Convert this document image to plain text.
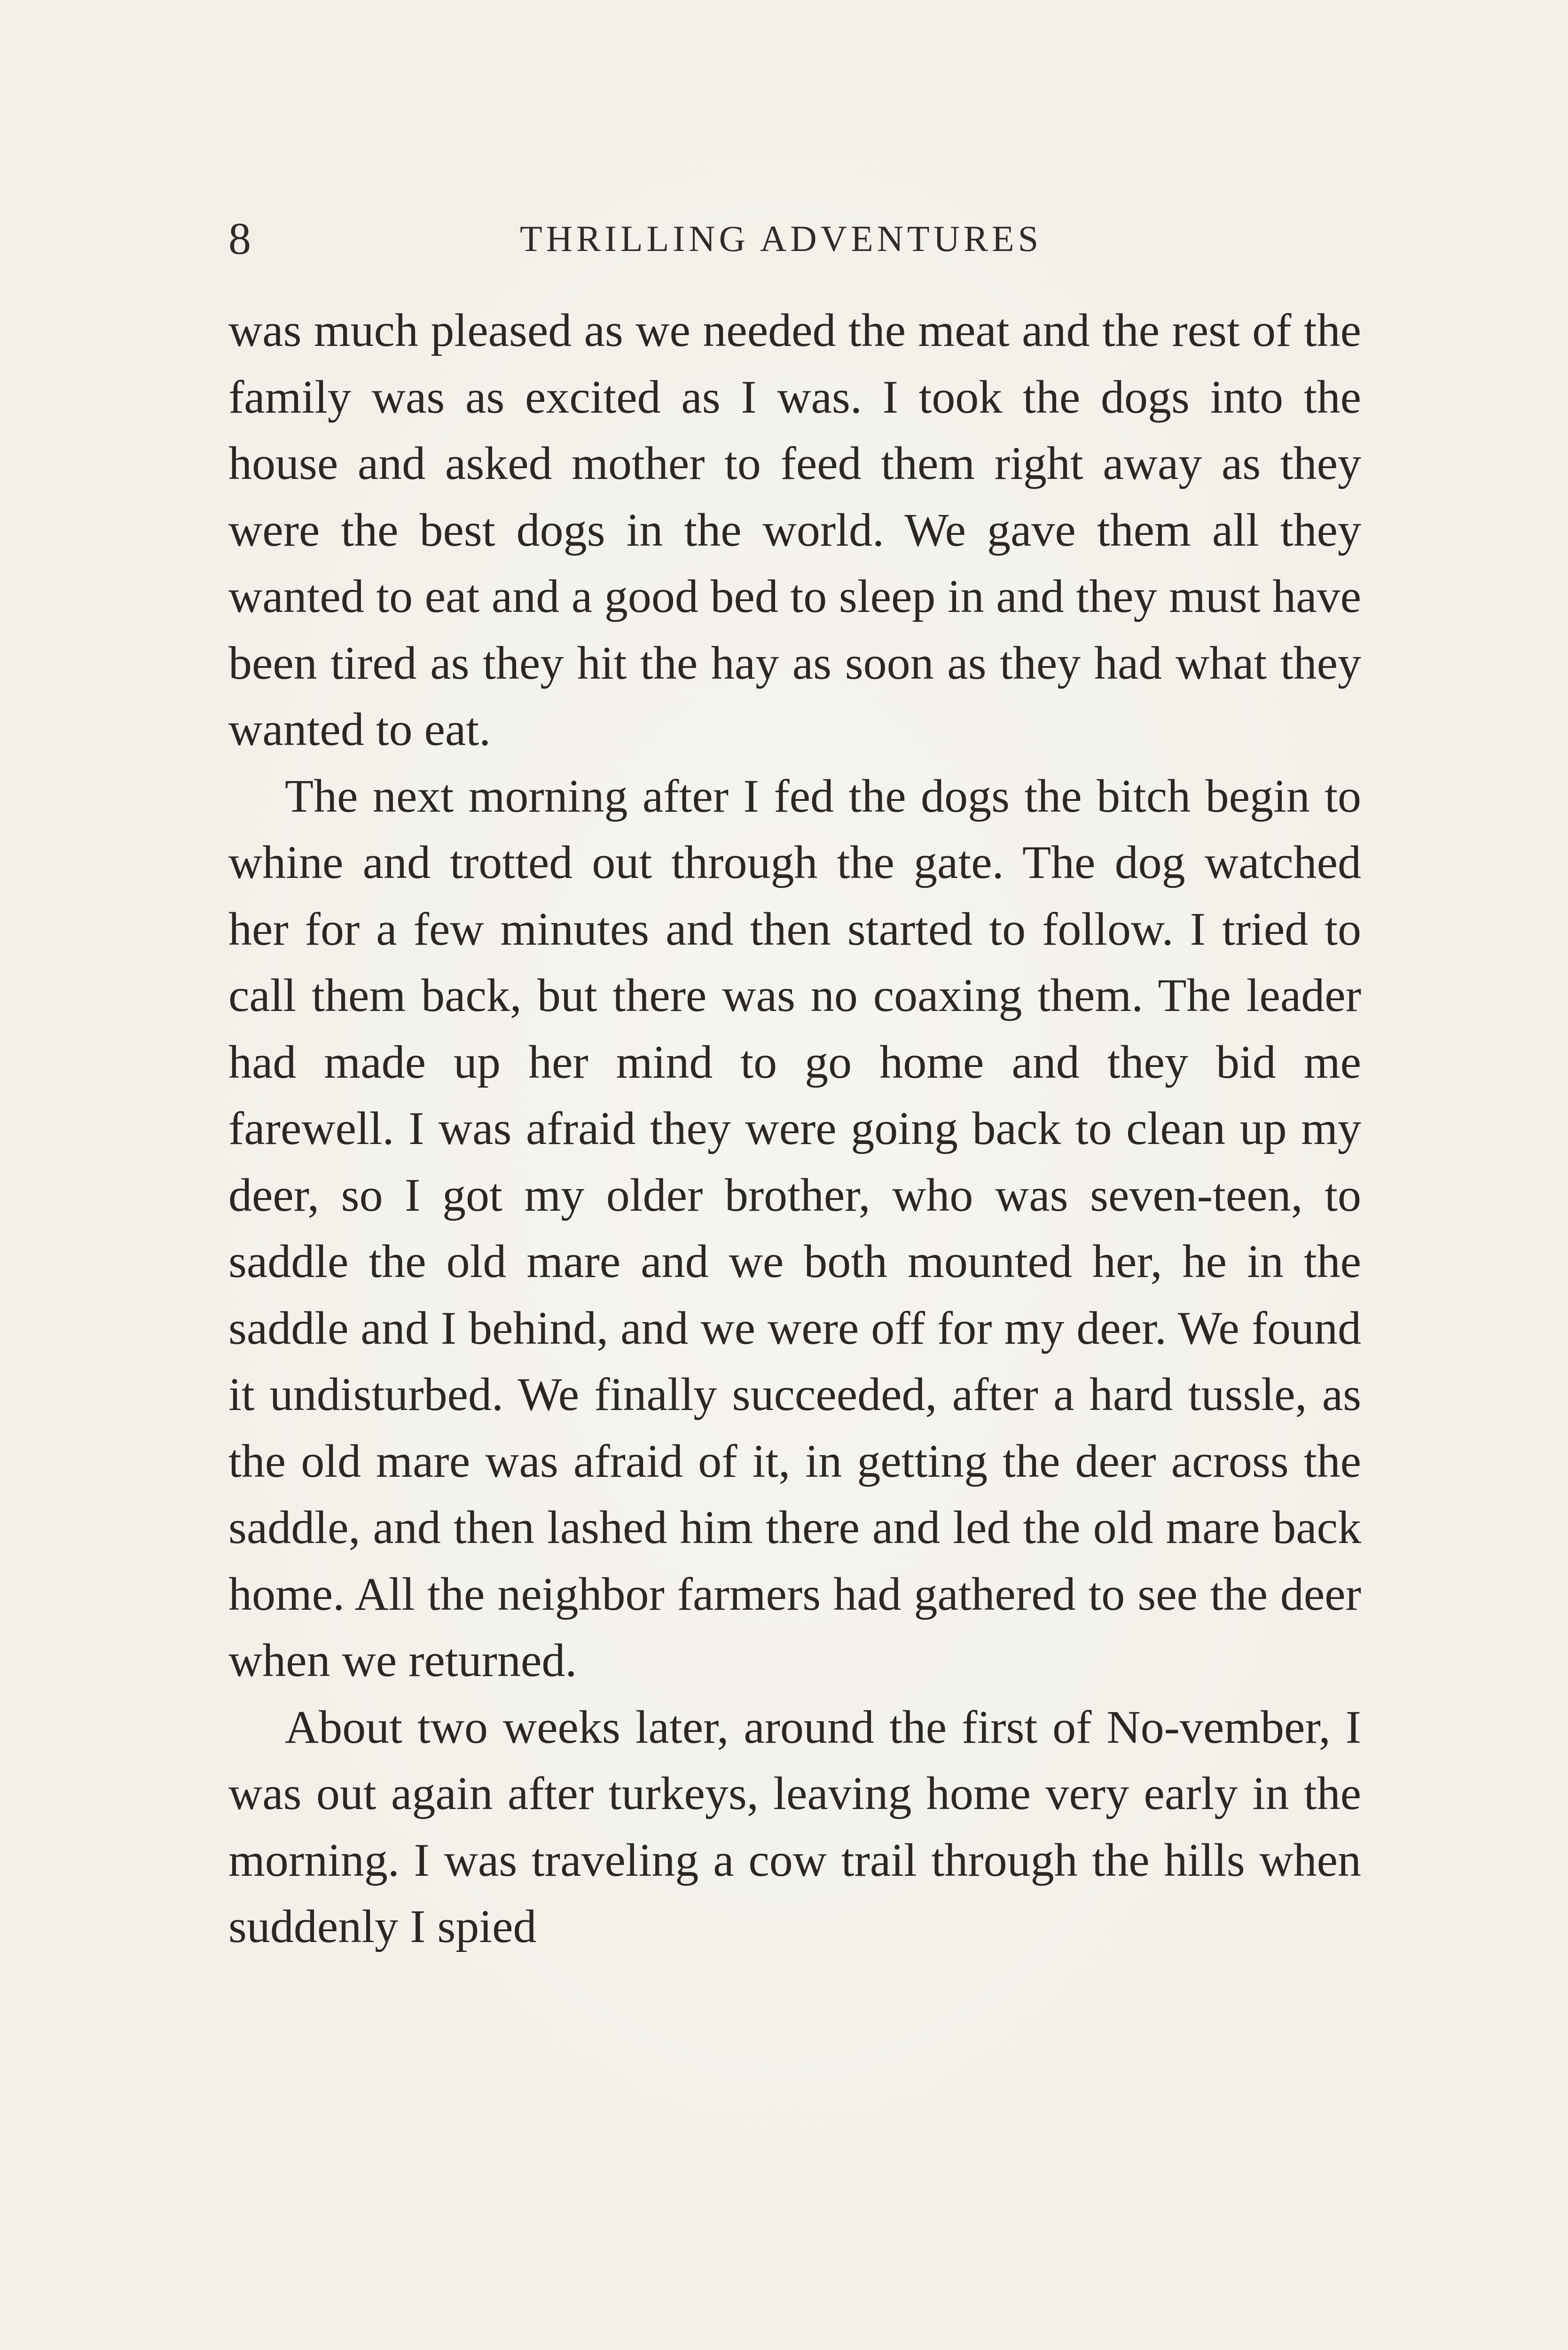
8	THRILLING ADVENTURES

was much pleased as we needed the meat and the rest of the family was as excited as I was. I took the dogs into the house and asked mother to feed them right away as they were the best dogs in the world. We gave them all they wanted to eat and a good bed to sleep in and they must have been tired as they hit the hay as soon as they had what they wanted to eat.

The next morning after I fed the dogs the bitch begin to whine and trotted out through the gate. The dog watched her for a few minutes and then started to follow. I tried to call them back, but there was no coaxing them. The leader had made up her mind to go home and they bid me farewell. I was afraid they were going back to clean up my deer, so I got my older brother, who was seven-teen, to saddle the old mare and we both mounted her, he in the saddle and I behind, and we were off for my deer. We found it undisturbed. We finally succeeded, after a hard tussle, as the old mare was afraid of it, in getting the deer across the saddle, and then lashed him there and led the old mare back home. All the neighbor farmers had gathered to see the deer when we returned.

About two weeks later, around the first of No-vember, I was out again after turkeys, leaving home very early in the morning. I was traveling a cow trail through the hills when suddenly I spied
